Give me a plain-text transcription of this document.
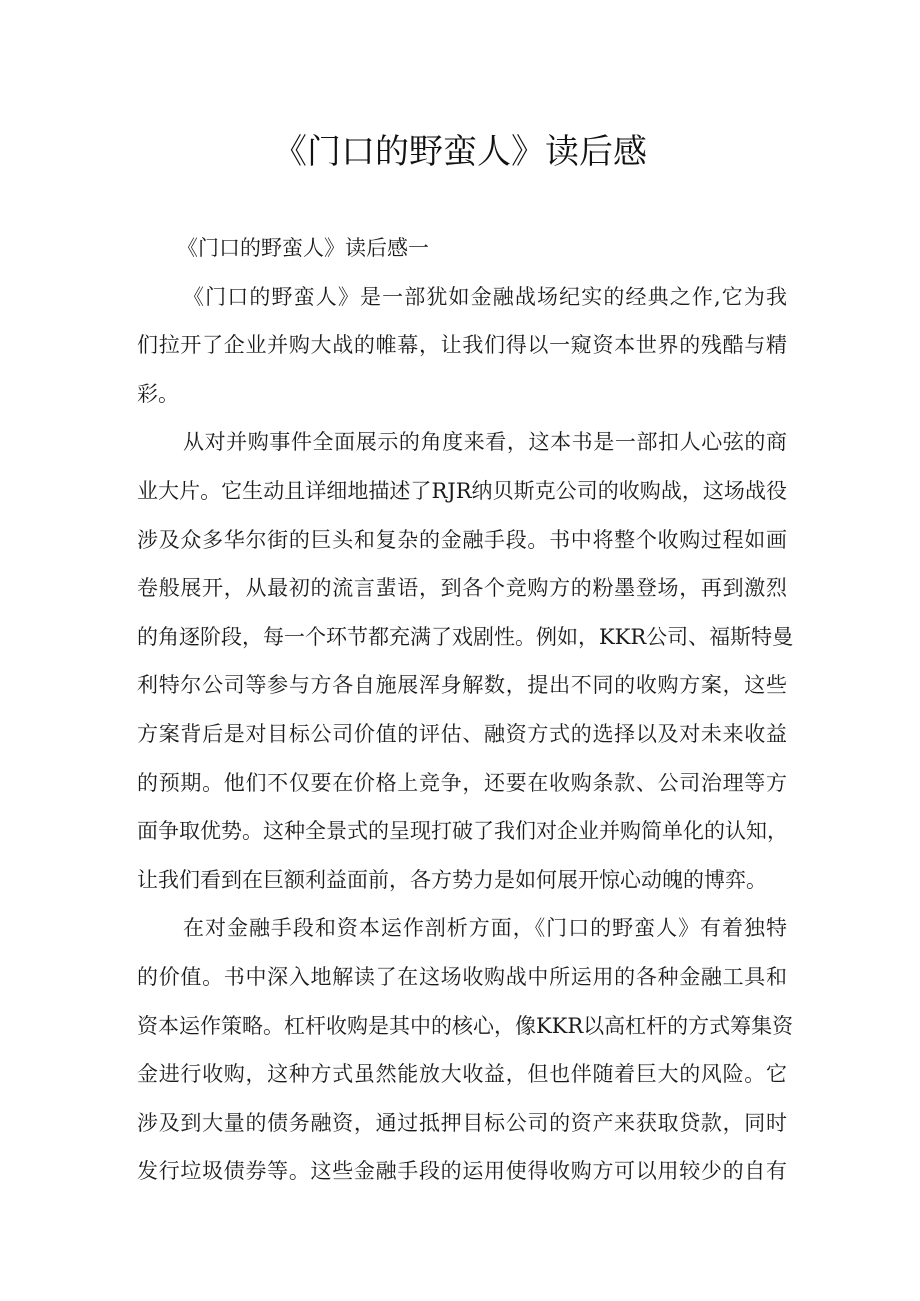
《门口的野蛮人》读后感
《门口的野蛮人》读后感一

《门口的野蛮人》是一部犹如金融战场纪实的经典之作,它为我
们拉开了企业并购大战的帷幕，让我们得以一窥资本世界的残酷与精
彩。

从对并购事件全面展示的角度来看，这本书是一部扣人心弦的商
业大片。它生动且详细地描述了RJR纳贝斯克公司的收购战，这场战役
涉及众多华尔街的巨头和复杂的金融手段。书中将整个收购过程如画
卷般展开，从最初的流言蜚语，到各个竞购方的粉墨登场，再到激烈
的角逐阶段，每一个环节都充满了戏剧性。例如，KKR公司、福斯特曼
利特尔公司等参与方各自施展浑身解数，提出不同的收购方案，这些
方案背后是对目标公司价值的评估、融资方式的选择以及对未来收益
的预期。他们不仅要在价格上竞争，还要在收购条款、公司治理等方
面争取优势。这种全景式的呈现打破了我们对企业并购简单化的认知，
让我们看到在巨额利益面前，各方势力是如何展开惊心动魄的博弈。

在对金融手段和资本运作剖析方面，《门口的野蛮人》有着独特
的价值。书中深入地解读了在这场收购战中所运用的各种金融工具和
资本运作策略。杠杆收购是其中的核心，像KKR以高杠杆的方式筹集资
金进行收购，这种方式虽然能放大收益，但也伴随着巨大的风险。它
涉及到大量的债务融资，通过抵押目标公司的资产来获取贷款，同时
发行垃圾债券等。这些金融手段的运用使得收购方可以用较少的自有
